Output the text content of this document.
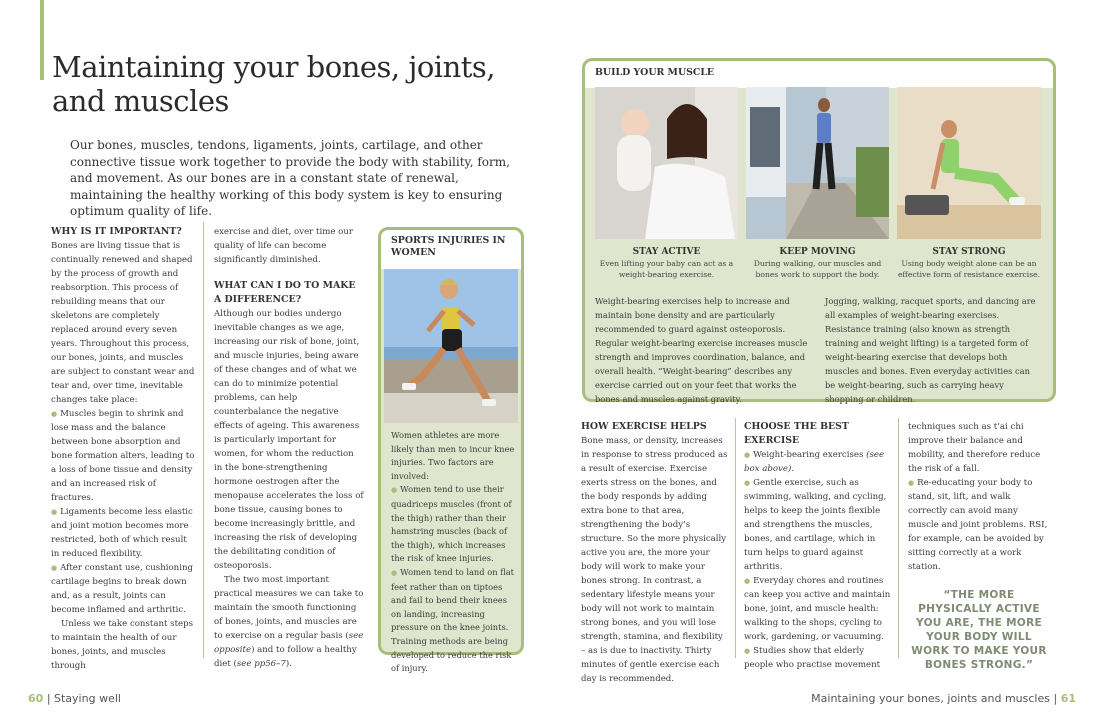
Maintaining your bones, joints, and muscles

Our bones, muscles, tendons, ligaments, joints, cartilage, and other connective tissue work together to provide the body with stability, form, and movement. As our bones are in a constant state of renewal, maintaining the healthy working of this body system is key to ensuring optimum quality of life.

WHY IS IT IMPORTANT?

Bones are living tissue that is continually renewed and shaped by the process of growth and reabsorption. This process of rebuilding means that our skeletons are completely replaced around every seven years. Throughout this process, our bones, joints, and muscles are subject to constant wear and tear and, over time, inevitable changes take place:

● Muscles begin to shrink and lose mass and the balance between bone absorption and bone formation alters, leading to a loss of bone tissue and density and an increased risk of fractures.

● Ligaments become less elastic and joint motion becomes more restricted, both of which result in reduced flexibility.

● After constant use, cushioning cartilage begins to break down and, as a result, joints can become inflamed and arthritic.

Unless we take constant steps to maintain the health of our bones, joints, and muscles through

exercise and diet, over time our quality of life can become significantly diminished.

WHAT CAN I DO TO MAKE A DIFFERENCE?

Although our bodies undergo inevitable changes as we age, increasing our risk of bone, joint, and muscle injuries, being aware of these changes and of what we can do to minimize potential problems, can help counterbalance the negative effects of ageing. This awareness is particularly important for women, for whom the reduction in the bone-strengthening hormone oestrogen after the menopause accelerates the loss of bone tissue, causing bones to become increasingly brittle, and increasing the risk of developing the debilitating condition of osteoporosis.

The two most important practical measures we can take to maintain the smooth functioning of bones, joints, and muscles are to exercise on a regular basis (see opposite) and to follow a healthy diet (see pp56–7).

SPORTS INJURIES IN WOMEN

Women athletes are more likely than men to incur knee injuries. Two factors are involved:

● Women tend to use their quadriceps muscles (front of the thigh) rather than their hamstring muscles (back of the thigh), which increases the risk of knee injuries.

● Women tend to land on flat feet rather than on tiptoes and fail to bend their knees on landing, increasing pressure on the knee joints. Training methods are being developed to reduce the risk of injury.

60 | Staying well

BUILD YOUR MUSCLE

STAY ACTIVE

Even lifting your baby can act as a weight-bearing exercise.

KEEP MOVING

During walking, our muscles and bones work to support the body.

STAY STRONG

Using body weight alone can be an effective form of resistance exercise.

Weight-bearing exercises help to increase and maintain bone density and are particularly recommended to guard against osteoporosis. Regular weight-bearing exercise increases muscle strength and improves coordination, balance, and overall health. “Weight-bearing” describes any exercise carried out on your feet that works the bones and muscles against gravity.

Jogging, walking, racquet sports, and dancing are all examples of weight-bearing exercises. Resistance training (also known as strength training and weight lifting) is a targeted form of weight-bearing exercise that develops both muscles and bones. Even everyday activities can be weight-bearing, such as carrying heavy shopping or children.

HOW EXERCISE HELPS

Bone mass, or density, increases in response to stress produced as a result of exercise. Exercise exerts stress on the bones, and the body responds by adding extra bone to that area, strengthening the body’s structure. So the more physically active you are, the more your body will work to make your bones strong. In contrast, a sedentary lifestyle means your body will not work to maintain strong bones, and you will lose strength, stamina, and flexibility – as is due to inactivity. Thirty minutes of gentle exercise each day is recommended.

CHOOSE THE BEST EXERCISE

● Weight-bearing exercises (see box above).

● Gentle exercise, such as swimming, walking, and cycling, helps to keep the joints flexible and strengthens the muscles, bones, and cartilage, which in turn helps to guard against arthritis.

● Everyday chores and routines can keep you active and maintain bone, joint, and muscle health: walking to the shops, cycling to work, gardening, or vacuuming.

● Studies show that elderly people who practise movement

techniques such as t’ai chi improve their balance and mobility, and therefore reduce the risk of a fall.

● Re-educating your body to stand, sit, lift, and walk correctly can avoid many muscle and joint problems. RSI, for example, can be avoided by sitting correctly at a work station.

“THE MORE PHYSICALLY ACTIVE YOU ARE, THE MORE YOUR BODY WILL WORK TO MAKE YOUR BONES STRONG.”
Maintaining your bones, joints and muscles | 61
